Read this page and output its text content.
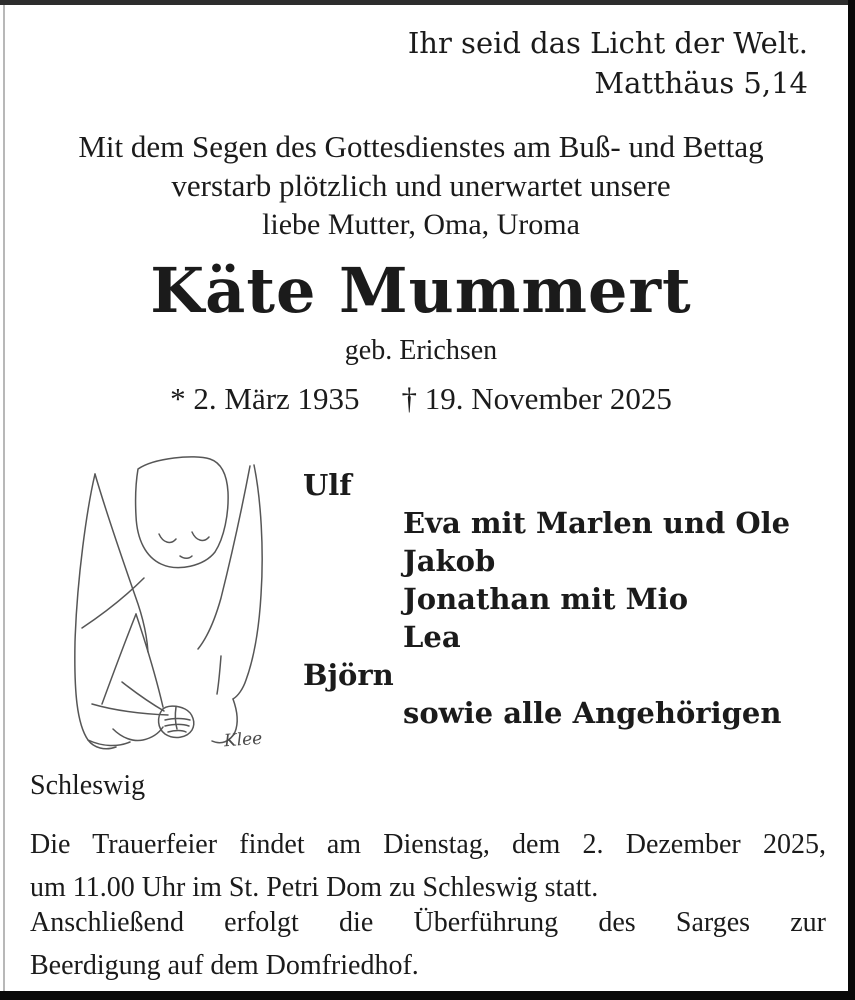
Ihr seid das Licht der Welt.
Matthäus 5,14
Mit dem Segen des Gottesdienstes am Buß- und Bettag
verstarb plötzlich und unerwartet unsere
liebe Mutter, Oma, Uroma
Käte Mummert
geb. Erichsen
* 2. März 1935 † 19. November 2025
Klee
Ulf
Eva mit Marlen und Ole
Jakob
Jonathan mit Mio
Lea
Björn
sowie alle Angehörigen
Schleswig
Die Trauerfeier findet am Dienstag, dem 2. Dezember 2025,
um 11.00 Uhr im St. Petri Dom zu Schleswig statt.
Anschließend erfolgt die Überführung des Sarges zur
Beerdigung auf dem Domfriedhof.
